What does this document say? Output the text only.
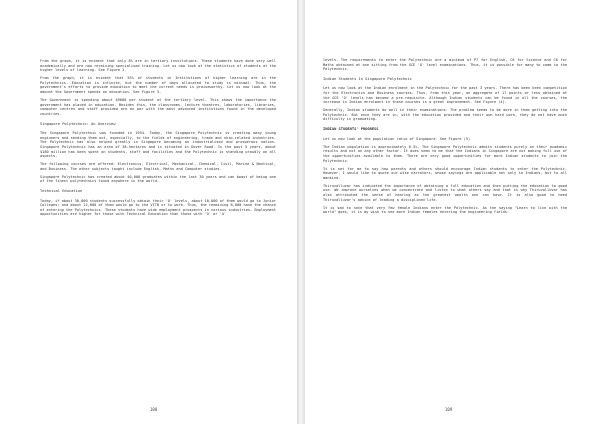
From the graph, it is evident that only 8% are in tertiary institutions. These students have done very well academically and are now receiving specialised training. Let us now look at the statistics of students at the higher levels of learning. See Figure 2.

From the graph, it is evident that 55% of students in Institutions of higher learning are in the Polytechnics. Education is infinite, but the number of days allocated to study is minimal. Thus, the government's efforts to provide education to meet the current needs is praiseworthy. Let us now look at the amount the Government spends on education. See Figure 3.

The Government is spending about $9600 per student at the tertiary level. This shows the importance the government has placed in education. Besides this, the classrooms, lecture theatres, laboratories, libraries, computer centres and staff provided are on par with the most advanced institutions found in the developed countries.

Singapore Polytechnic: An Overview

The Singapore Polytechnic was founded in 1954. Today, the Singapore Polytechnic is creating many young engineers and sending them out, especially, to the fields of engineering, trade and ship-related industries. The Polytechnic has also helped greatly in Singapore becoming an industrialised and prosperous nation. Singapore Polytechnic has an area of 38-hectares and is situated in Dover Road. In the past 5 years, about $180 million has been spent on students, staff and facilities and the Polytechnic is standing proudly on all aspects.

The following courses are offered: Electronics, Electrical, Mechanical, Chemical, Civil, Marine & Nautical, and Business. The other subjects taught include English, Maths and Computer studies.

Singapore Polytechnic has created about 40,000 graduates within the last 30 years and can boast of being one of the finest polytechnics found anywhere in the world.

Technical Education

Today, if about 30,000 students successfully obtain their 'O' levels, about 10,000 of them would go to Junior Colleges; and about 12,000 of them would go to the VITB or to work. Thus, the remaining 8,000 have the chance of entering the Polytechnics. These students have wide employment prospects in various industries. Employment opportunities are higher for those with Technical Education than those with 'O' or 'A'

108

levels. The requirements to enter the Polytechnic are a minimum of P7 for English, C6 for Science and C6 for Maths obtained at one sitting from the GCE 'O' level examinations. Thus, it is possible for many to come to the Polytechnic.

Indian Students In Singapore Polytechnic

Let us now look at the Indian enrolment in the Polytechnic for the past 3 years. There has been keen competition for the Electronics and Business courses. Thus, from this year, an aggregate of 17 points or less obtained at the GCE 'O' levels has become a pre-requisite. Although Indian students can be found in all the courses, the increase in Indian enrolment in these courses is a great improvement. See Figure (4).

Generally, Indian students do well in their examinations. The problem seems to be more in them getting into the Polytechnic. But once they are in, with the education provided and their own hard work, they do not have much difficulty in graduating.

INDIAN STUDENTS' PROGRESS

Let us now look at the population ratio of Singapore. See Figure (5)

The Indian population is approximately 6.5%. The Singapore Polytechnic admits students purely on their academic results and not on any other factor. It does seem to me that the Indians in Singapore are not making full use of the opportunities available to them. There are very good opportunities for more Indian students to join the Polytechnic.

It is not for me to say how parents and others should encourage Indian students to enter the Polytechnic. However, I would like to quote our wise narrators, whose sayings are applicable not only to Indians, but to all mankind.

Thiruvalluvar has indicated the importance of obtaining a full education and then putting the education to good use. We improve ourselves when we concentrate and listen to what others say and that is why Thiruvalluvar has also attributed the sense of hearing as the greatest wealth one can have. It is also good to heed Thiruvalluvar's advice of leading a disciplined life.

It is sad to note that very few female Indians enter the Polytechnic. As the saying "Learn to live with the world" goes, it is my wish to see more Indian females entering the engineering fields.

109
